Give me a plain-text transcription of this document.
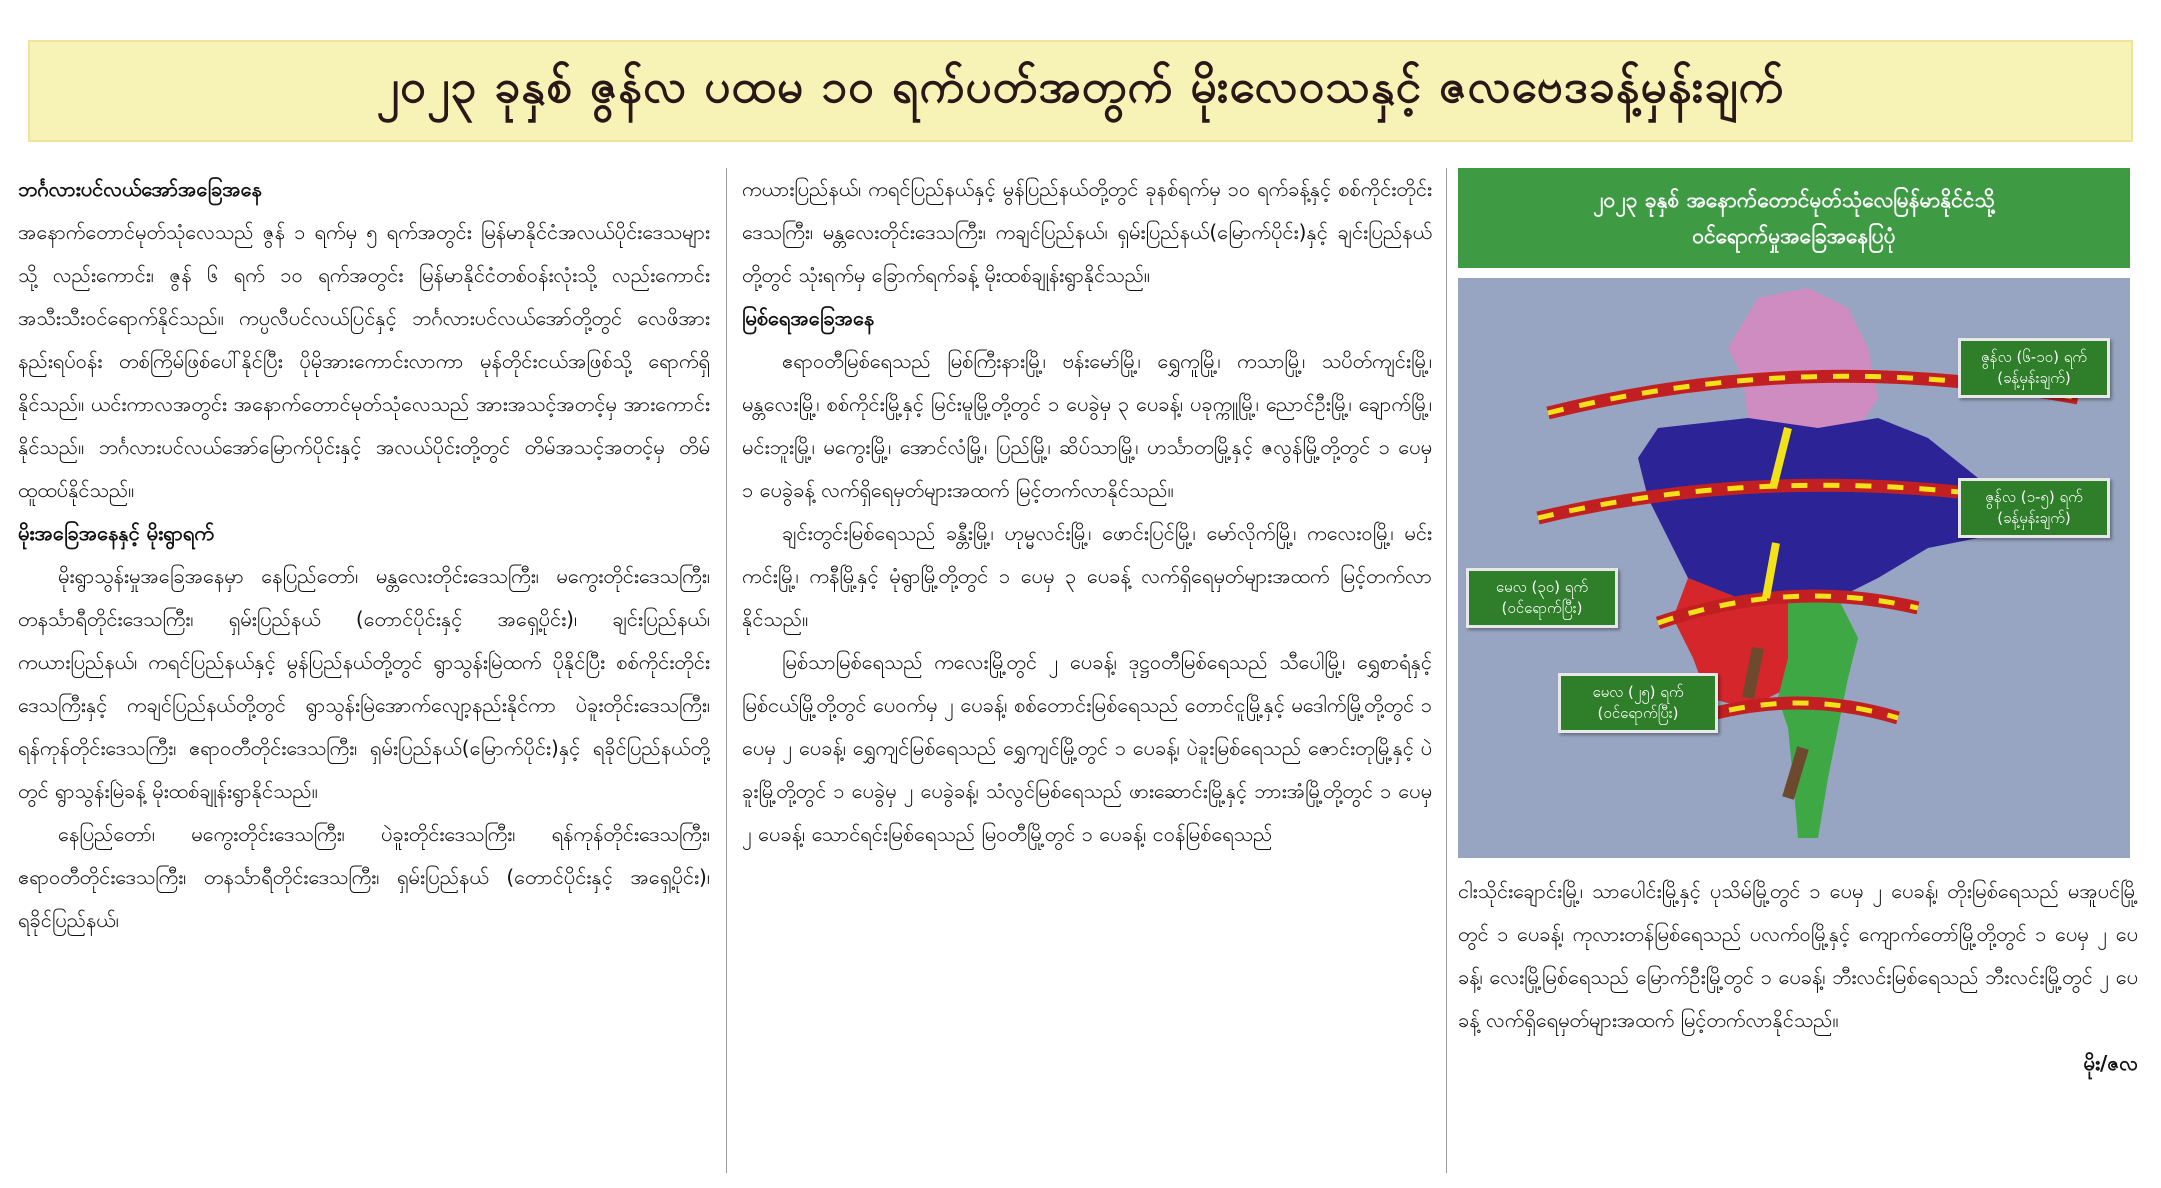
၂၀၂၃ ခုနှစ် ဇွန်လ ပထမ ၁၀ ရက်ပတ်အတွက် မိုးလေဝသနှင့် ဇလဗေဒခန့်မှန်းချက်

ဘင်္ဂလားပင်လယ်အော်အခြေအနေ

အနောက်တောင်မုတ်သုံလေသည် ဇွန် ၁ ရက်မှ ၅ ရက်အတွင်း မြန်မာနိုင်ငံအလယ်ပိုင်းဒေသများသို့ လည်းကောင်း၊ ဇွန် ၆ ရက် ၁၀ ရက်အတွင်း မြန်မာနိုင်ငံတစ်ဝန်းလုံးသို့ လည်းကောင်း အသီးသီးဝင်ရောက်နိုင်သည်။ ကပ္ပလီပင်လယ်ပြင်နှင့် ဘင်္ဂလားပင်လယ်အော်တို့တွင် လေဖိအားနည်းရပ်ဝန်း တစ်ကြိမ်ဖြစ်ပေါ်နိုင်ပြီး ပိုမိုအားကောင်းလာကာ မုန်တိုင်းငယ်အဖြစ်သို့ ရောက်ရှိနိုင်သည်။ ယင်းကာလအတွင်း အနောက်တောင်မုတ်သုံလေသည် အားအသင့်အတင့်မှ အားကောင်းနိုင်သည်။ ဘင်္ဂလားပင်လယ်အော်မြောက်ပိုင်းနှင့် အလယ်ပိုင်းတို့တွင် တိမ်အသင့်အတင့်မှ တိမ်ထူထပ်နိုင်သည်။

မိုးအခြေအနေနှင့် မိုးရွာရက်

မိုးရွာသွန်းမှုအခြေအနေမှာ နေပြည်တော်၊ မန္တလေးတိုင်းဒေသကြီး၊ မကွေးတိုင်းဒေသကြီး၊ တနင်္သာရီတိုင်းဒေသကြီး၊ ရှမ်းပြည်နယ် (တောင်ပိုင်းနှင့် အရှေ့ပိုင်း)၊ ချင်းပြည်နယ်၊ ကယားပြည်နယ်၊ ကရင်ပြည်နယ်နှင့် မွန်ပြည်နယ်တို့တွင် ရွာသွန်းမြဲထက် ပိုနိုင်ပြီး စစ်ကိုင်းတိုင်းဒေသကြီးနှင့် ကချင်ပြည်နယ်တို့တွင် ရွာသွန်းမြဲအောက်လျော့နည်းနိုင်ကာ ပဲခူးတိုင်းဒေသကြီး၊ ရန်ကုန်တိုင်းဒေသကြီး၊ ဧရာဝတီတိုင်းဒေသကြီး၊ ရှမ်းပြည်နယ်(မြောက်ပိုင်း)နှင့် ရခိုင်ပြည်နယ်တို့တွင် ရွာသွန်းမြဲခန့် မိုးထစ်ချုန်းရွာနိုင်သည်။

နေပြည်တော်၊ မကွေးတိုင်းဒေသကြီး၊ ပဲခူးတိုင်းဒေသကြီး၊ ရန်ကုန်တိုင်းဒေသကြီး၊ ဧရာဝတီတိုင်းဒေသကြီး၊ တနင်္သာရီတိုင်းဒေသကြီး၊ ရှမ်းပြည်နယ် (တောင်ပိုင်းနှင့် အရှေ့ပိုင်း)၊ ရခိုင်ပြည်နယ်၊

ကယားပြည်နယ်၊ ကရင်ပြည်နယ်နှင့် မွန်ပြည်နယ်တို့တွင် ခုနစ်ရက်မှ ၁၀ ရက်ခန့်နှင့် စစ်ကိုင်းတိုင်းဒေသကြီး၊ မန္တလေးတိုင်းဒေသကြီး၊ ကချင်ပြည်နယ်၊ ရှမ်းပြည်နယ်(မြောက်ပိုင်း)နှင့် ချင်းပြည်နယ်တို့တွင် သုံးရက်မှ ခြောက်ရက်ခန့် မိုးထစ်ချုန်းရွာနိုင်သည်။

မြစ်ရေအခြေအနေ

ဧရာဝတီမြစ်ရေသည် မြစ်ကြီးနားမြို့၊ ဗန်းမော်မြို့၊ ရွှေကူမြို့၊ ကသာမြို့၊ သပိတ်ကျင်းမြို့၊ မန္တလေးမြို့၊ စစ်ကိုင်းမြို့နှင့် မြင်းမူမြို့တို့တွင် ၁ ပေခွဲမှ ၃ ပေခန့်၊ ပခုက္ကူမြို့၊ ညောင်ဦးမြို့၊ ချောက်မြို့၊ မင်းဘူးမြို့၊ မကွေးမြို့၊ အောင်လံမြို့၊ ပြည်မြို့၊ ဆိပ်သာမြို့၊ ဟင်္သာတမြို့နှင့် ဇလွန်မြို့တို့တွင် ၁ ပေမှ ၁ ပေခွဲခန့် လက်ရှိရေမှတ်များအထက် မြင့်တက်လာနိုင်သည်။

ချင်းတွင်းမြစ်ရေသည် ခန္တီးမြို့၊ ဟုမ္မလင်းမြို့၊ ဖောင်းပြင်မြို့၊ မော်လိုက်မြို့၊ ကလေးဝမြို့၊ မင်းကင်းမြို့၊ ကနီမြို့နှင့် မုံရွာမြို့တို့တွင် ၁ ပေမှ ၃ ပေခန့် လက်ရှိရေမှတ်များအထက် မြင့်တက်လာနိုင်သည်။

မြစ်သာမြစ်ရေသည် ကလေးမြို့တွင် ၂ ပေခန့်၊ ဒုဋ္ဌဝတီမြစ်ရေသည် သီပေါမြို့၊ ရွှေစာရံနှင့် မြစ်ငယ်မြို့တို့တွင် ပေဝက်မှ ၂ ပေခန့်၊ စစ်တောင်းမြစ်ရေသည် တောင်ငူမြို့နှင့် မဒေါက်မြို့တို့တွင် ၁ ပေမှ ၂ ပေခန့်၊ ရွှေကျင်မြစ်ရေသည် ရွှေကျင်မြို့တွင် ၁ ပေခန့်၊ ပဲခူးမြစ်ရေသည် ဇောင်းတုမြို့နှင့် ပဲခူးမြို့တို့တွင် ၁ ပေခွဲမှ ၂ ပေခွဲခန့်၊ သံလွင်မြစ်ရေသည် ဖားဆောင်းမြို့နှင့် ဘားအံမြို့တို့တွင် ၁ ပေမှ ၂ ပေခန့်၊ သောင်ရင်းမြစ်ရေသည် မြဝတီမြို့တွင် ၁ ပေခန့်၊ ငဝန်မြစ်ရေသည်

၂၀၂၃ ခုနှစ် အနောက်တောင်မုတ်သုံလေမြန်မာနိုင်ငံသို့
ဝင်ရောက်မှုအခြေအနေပြပုံ
ဇွန်လ (၆-၁၀) ရက်
(ခန့်မှန်းချက်)
ဇွန်လ (၁-၅) ရက်
(ခန့်မှန်းချက်)
မေလ (၃၀) ရက်
(ဝင်ရောက်ပြီး)
မေလ (၂၅) ရက်
(ဝင်ရောက်ပြီး)

ငါးသိုင်းချောင်းမြို့၊ သာပေါင်းမြို့နှင့် ပုသိမ်မြို့တွင် ၁ ပေမှ ၂ ပေခန့်၊ တိုးမြစ်ရေသည် မအူပင်မြို့တွင် ၁ ပေခန့်၊ ကုလားတန်မြစ်ရေသည် ပလက်ဝမြို့နှင့် ကျောက်တော်မြို့တို့တွင် ၁ ပေမှ ၂ ပေခန့်၊ လေးမြို့မြစ်ရေသည် မြောက်ဦးမြို့တွင် ၁ ပေခန့်၊ ဘီးလင်းမြစ်ရေသည် ဘီးလင်းမြို့တွင် ၂ ပေခန့် လက်ရှိရေမှတ်များအထက် မြင့်တက်လာနိုင်သည်။

မိုး/ဇလ
